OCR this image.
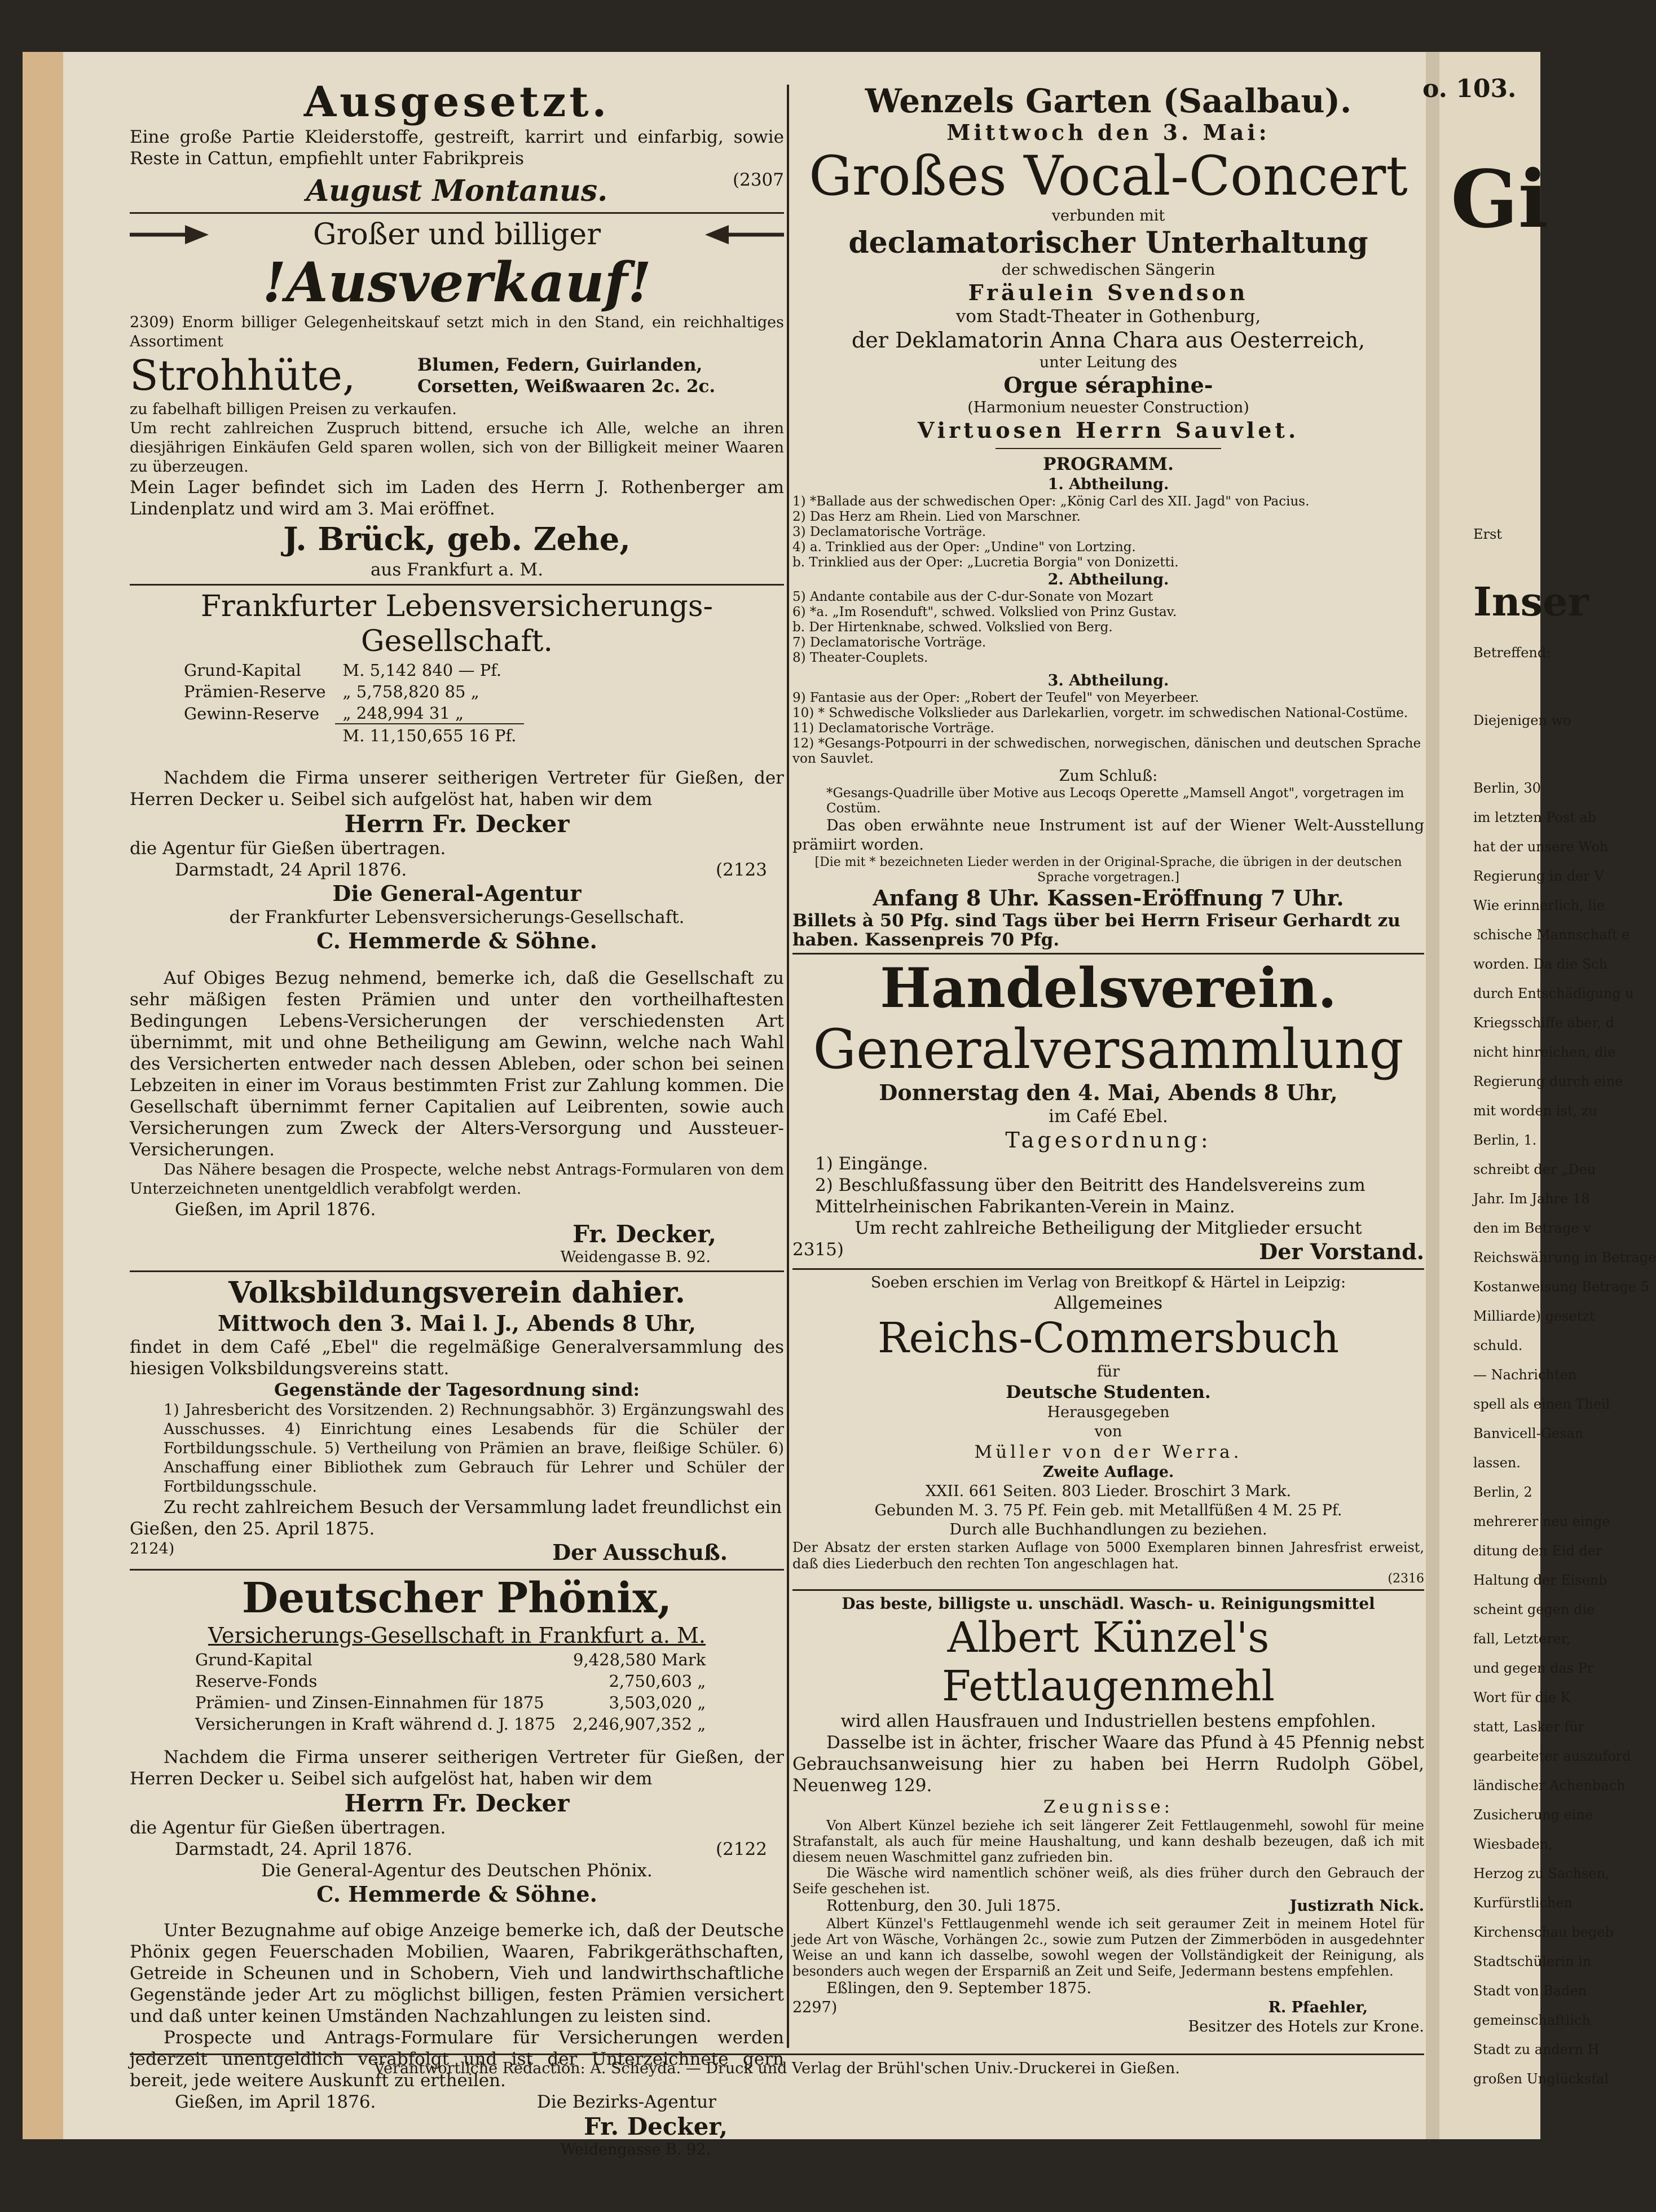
o. 103.
Gi
Erst
Inser
Betreffend:
Diejenigen wo
Berlin, 30
im letzten Post ab
hat der unsere Woh
Regierung in der V
Wie erinnerlich, lie
schische Mannschaft e
worden. Da die Sch
durch Entschädigung u
Kriegsschiffe aber, d
nicht hinreichen, die
Regierung durch eine
mit worden ist, zu
Berlin, 1.
schreibt der „Deu
Jahr. Im Jahre 18
den im Betrage v
Reichswährung in Betrage
Kostanweisung Betrage 5
Milliarde) gesetzt
schuld.
— Nachrichten
spell als einen Theil
Banvicell-Gesan
lassen.
Berlin, 2
mehrerer neu einge
ditung den Eid der
Haltung der Eisenb
scheint gegen die
fall, Letzterer,
und gegen das Pr
Wort für die K
statt, Lasker für
gearbeiteter auszuford
ländischer Achenbach
Zusicherung eine
Wiesbaden,
Herzog zu Sachsen,
Kurfürstlichen
Kirchenschau begeb
Stadtschülerin in
Stadt von Baden
gemeinschaftlich
Stadt zu andern H
großen Unglücksfal

Ausgesetzt.

Eine große Partie Kleiderstoffe, gestreift, karrirt und einfarbig, sowie Reste in Cattun, empfiehlt unter Fabrikpreis

(2307

August Montanus.

Großer und billiger

!Ausverkauf!

2309) Enorm billiger Gelegenheitskauf setzt mich in den Stand, ein reichhaltiges Assortiment

Strohhüte,	Blumen, Federn, Guirlanden, Corsetten, Weißwaaren 2c. 2c.

zu fabelhaft billigen Preisen zu verkaufen.

Um recht zahlreichen Zuspruch bittend, ersuche ich Alle, welche an ihren diesjährigen Einkäufen Geld sparen wollen, sich von der Billigkeit meiner Waaren zu überzeugen.

Mein Lager befindet sich im Laden des Herrn J. Rothenberger am Lindenplatz und wird am 3. Mai eröffnet.

J. Brück, geb. Zehe,

aus Frankfurt a. M.

Frankfurter Lebensversicherungs-Gesellschaft.

Grund-Kapital	M. 5,142 840 — Pf.
Prämien-Reserve	„ 5,758,820 85 „
Gewinn-Reserve	„ 248,994 31 „
	M. 11,150,655 16 Pf.

Nachdem die Firma unserer seitherigen Vertreter für Gießen, der Herren Decker u. Seibel sich aufgelöst hat, haben wir dem

Herrn Fr. Decker

die Agentur für Gießen übertragen.

Darmstadt, 24 April 1876.	(2123

Die General-Agentur

der Frankfurter Lebensversicherungs-Gesellschaft.

C. Hemmerde & Söhne.

Auf Obiges Bezug nehmend, bemerke ich, daß die Gesellschaft zu sehr mäßigen festen Prämien und unter den vortheilhaftesten Bedingungen Lebens-Versicherungen der verschiedensten Art übernimmt, mit und ohne Betheiligung am Gewinn, welche nach Wahl des Versicherten entweder nach dessen Ableben, oder schon bei seinen Lebzeiten in einer im Voraus bestimmten Frist zur Zahlung kommen. Die Gesellschaft übernimmt ferner Capitalien auf Leibrenten, sowie auch Versicherungen zum Zweck der Alters-Versorgung und Aussteuer-Versicherungen.

Das Nähere besagen die Prospecte, welche nebst Antrags-Formularen von dem Unterzeichneten unentgeldlich verabfolgt werden.

Gießen, im April 1876.

Fr. Decker,

Weidengasse B. 92.

Volksbildungsverein dahier.

Mittwoch den 3. Mai l. J., Abends 8 Uhr,

findet in dem Café „Ebel" die regelmäßige Generalversammlung des hiesigen Volksbildungsvereins statt.

Gegenstände der Tagesordnung sind:

1) Jahresbericht des Vorsitzenden. 2) Rechnungsabhör. 3) Ergänzungswahl des Ausschusses. 4) Einrichtung eines Lesabends für die Schüler der Fortbildungsschule. 5) Vertheilung von Prämien an brave, fleißige Schüler. 6) Anschaffung einer Bibliothek zum Gebrauch für Lehrer und Schüler der Fortbildungsschule.

Zu recht zahlreichem Besuch der Versammlung ladet freundlichst ein

Gießen, den 25. April 1875.

2124)	Der Ausschuß.

Deutscher Phönix,

Versicherungs-Gesellschaft in Frankfurt a. M.

Grund-Kapital	9,428,580 Mark
Reserve-Fonds	2,750,603 „
Prämien- und Zinsen-Einnahmen für 1875	3,503,020 „
Versicherungen in Kraft während d. J. 1875	2,246,907,352 „

Nachdem die Firma unserer seitherigen Vertreter für Gießen, der Herren Decker u. Seibel sich aufgelöst hat, haben wir dem

Herrn Fr. Decker

die Agentur für Gießen übertragen.

Darmstadt, 24. April 1876.	(2122

Die General-Agentur des Deutschen Phönix.

C. Hemmerde & Söhne.

Unter Bezugnahme auf obige Anzeige bemerke ich, daß der Deutsche Phönix gegen Feuerschaden Mobilien, Waaren, Fabrikgeräthschaften, Getreide in Scheunen und in Schobern, Vieh und landwirthschaftliche Gegenstände jeder Art zu möglichst billigen, festen Prämien versichert und daß unter keinen Umständen Nachzahlungen zu leisten sind.

Prospecte und Antrags-Formulare für Versicherungen werden jederzeit unentgeldlich verabfolgt und ist der Unterzeichnete gern bereit, jede weitere Auskunft zu ertheilen.

Gießen, im April 1876.	Die Bezirks-Agentur

Fr. Decker,

Weidengasse B. 92.

Wenzels Garten (Saalbau).

Mittwoch den 3. Mai:

Großes Vocal-Concert

verbunden mit

declamatorischer Unterhaltung

der schwedischen Sängerin

Fräulein Svendson

vom Stadt-Theater in Gothenburg,

der Deklamatorin Anna Chara aus Oesterreich,

unter Leitung des

Orgue séraphine-

(Harmonium neuester Construction)

Virtuosen Herrn Sauvlet.

PROGRAMM.

1. Abtheilung.

1) *Ballade aus der schwedischen Oper: „König Carl des XII. Jagd" von Pacius.

2) Das Herz am Rhein. Lied von Marschner.

3) Declamatorische Vorträge.

4) a. Trinklied aus der Oper: „Undine" von Lortzing.

b. Trinklied aus der Oper: „Lucretia Borgia" von Donizetti.

2. Abtheilung.

5) Andante contabile aus der C-dur-Sonate von Mozart

6) *a. „Im Rosenduft", schwed. Volkslied von Prinz Gustav.

b. Der Hirtenknabe, schwed. Volkslied von Berg.

7) Declamatorische Vorträge.

8) Theater-Couplets.

3. Abtheilung.

9) Fantasie aus der Oper: „Robert der Teufel" von Meyerbeer.

10) * Schwedische Volkslieder aus Darlekarlien, vorgetr. im schwedischen National-Costüme.

11) Declamatorische Vorträge.

12) *Gesangs-Potpourri in der schwedischen, norwegischen, dänischen und deutschen Sprache von Sauvlet.

Zum Schluß:

*Gesangs-Quadrille über Motive aus Lecoqs Operette „Mamsell Angot", vorgetragen im Costüm.

Das oben erwähnte neue Instrument ist auf der Wiener Welt-Ausstellung prämiirt worden.

[Die mit * bezeichneten Lieder werden in der Original-Sprache, die übrigen in der deutschen Sprache vorgetragen.]

Anfang 8 Uhr. Kassen-Eröffnung 7 Uhr.

Billets à 50 Pfg. sind Tags über bei Herrn Friseur Gerhardt zu haben. Kassenpreis 70 Pfg.

Handelsverein.

Generalversammlung

Donnerstag den 4. Mai, Abends 8 Uhr,

im Café Ebel.

Tagesordnung:

1) Eingänge.

2) Beschlußfassung über den Beitritt des Handelsvereins zum Mittelrheinischen Fabrikanten-Verein in Mainz.

Um recht zahlreiche Betheiligung der Mitglieder ersucht

2315)	Der Vorstand.

Soeben erschien im Verlag von Breitkopf & Härtel in Leipzig:

Allgemeines

Reichs-Commersbuch

für

Deutsche Studenten.

Herausgegeben

von

Müller von der Werra.

Zweite Auflage.

XXII. 661 Seiten. 803 Lieder. Broschirt 3 Mark.

Gebunden M. 3. 75 Pf. Fein geb. mit Metallfüßen 4 M. 25 Pf.

Durch alle Buchhandlungen zu beziehen.

Der Absatz der ersten starken Auflage von 5000 Exemplaren binnen Jahresfrist erweist, daß dies Liederbuch den rechten Ton angeschlagen hat.

(2316

Das beste, billigste u. unschädl. Wasch- u. Reinigungsmittel

Albert Künzel's Fettlaugenmehl

wird allen Hausfrauen und Industriellen bestens empfohlen.

Dasselbe ist in ächter, frischer Waare das Pfund à 45 Pfennig nebst Gebrauchsanweisung hier zu haben bei Herrn Rudolph Göbel, Neuenweg 129.

Zeugnisse:

Von Albert Künzel beziehe ich seit längerer Zeit Fettlaugenmehl, sowohl für meine Strafanstalt, als auch für meine Haushaltung, und kann deshalb bezeugen, daß ich mit diesem neuen Waschmittel ganz zufrieden bin.

Die Wäsche wird namentlich schöner weiß, als dies früher durch den Gebrauch der Seife geschehen ist.

Rottenburg, den 30. Juli 1875.	Justizrath Nick.

Albert Künzel's Fettlaugenmehl wende ich seit geraumer Zeit in meinem Hotel für jede Art von Wäsche, Vorhängen 2c., sowie zum Putzen der Zimmerböden in ausgedehnter Weise an und kann ich dasselbe, sowohl wegen der Vollständigkeit der Reinigung, als besonders auch wegen der Ersparniß an Zeit und Seife, Jedermann bestens empfehlen.

Eßlingen, den 9. September 1875.

2297)	R. Pfaehler,

Besitzer des Hotels zur Krone.

Verantwortliche Redaction: A. Scheyda. — Druck und Verlag der Brühl'schen Univ.-Druckerei in Gießen.
